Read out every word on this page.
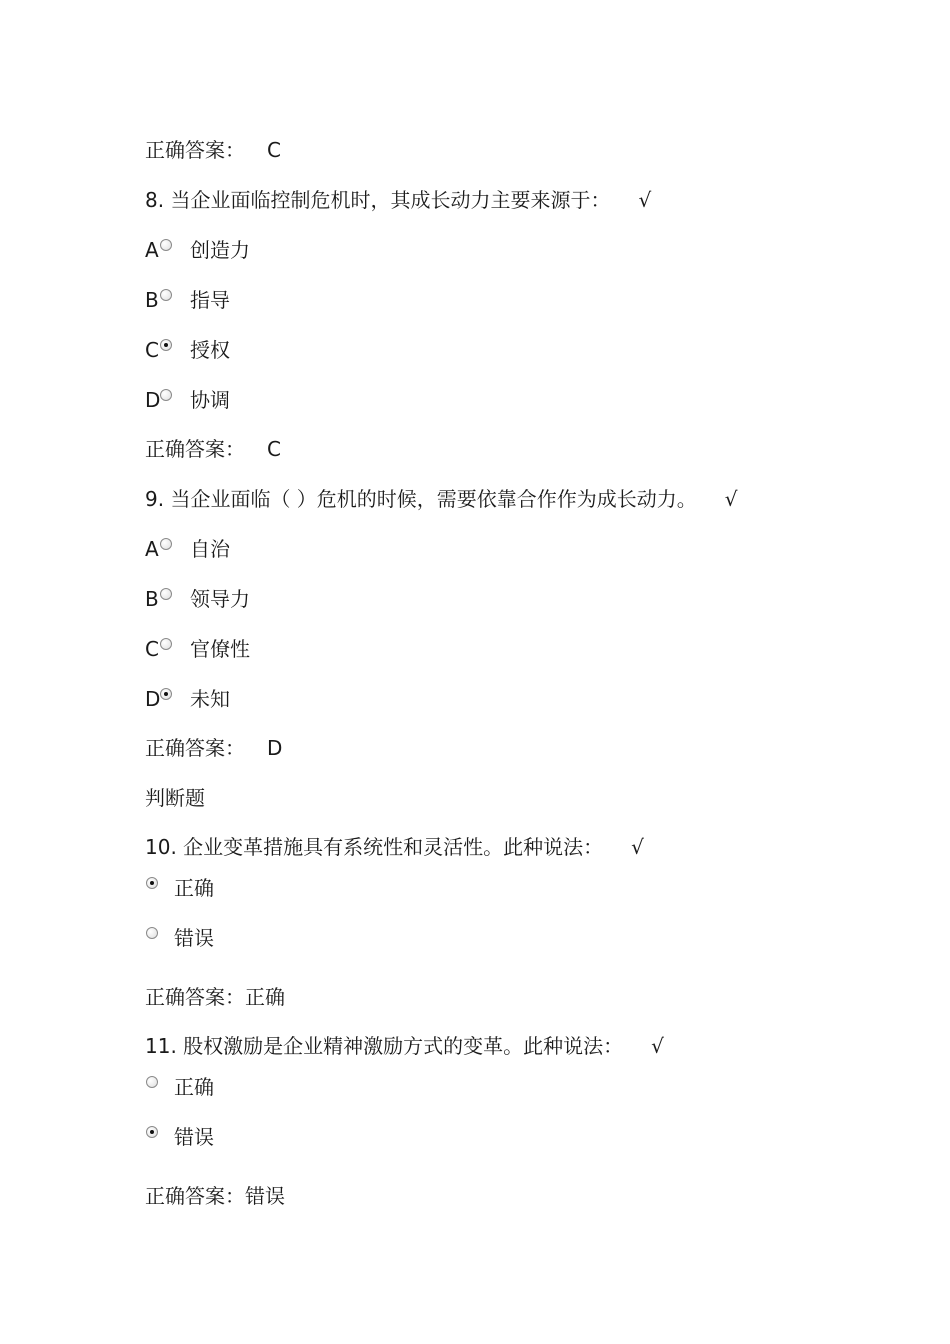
正确答案： C
8. 当企业面临控制危机时，其成长动力主要来源于： √
A 创造力
B 指导
C 授权
D 协调
正确答案： C
9. 当企业面临（ ）危机的时候，需要依靠合作作为成长动力。 √
A 自治
B 领导力
C 官僚性
D 未知
正确答案： D
判断题
10. 企业变革措施具有系统性和灵活性。此种说法： √
正确
错误
正确答案：正确
11. 股权激励是企业精神激励方式的变革。此种说法： √
正确
错误
正确答案：错误
